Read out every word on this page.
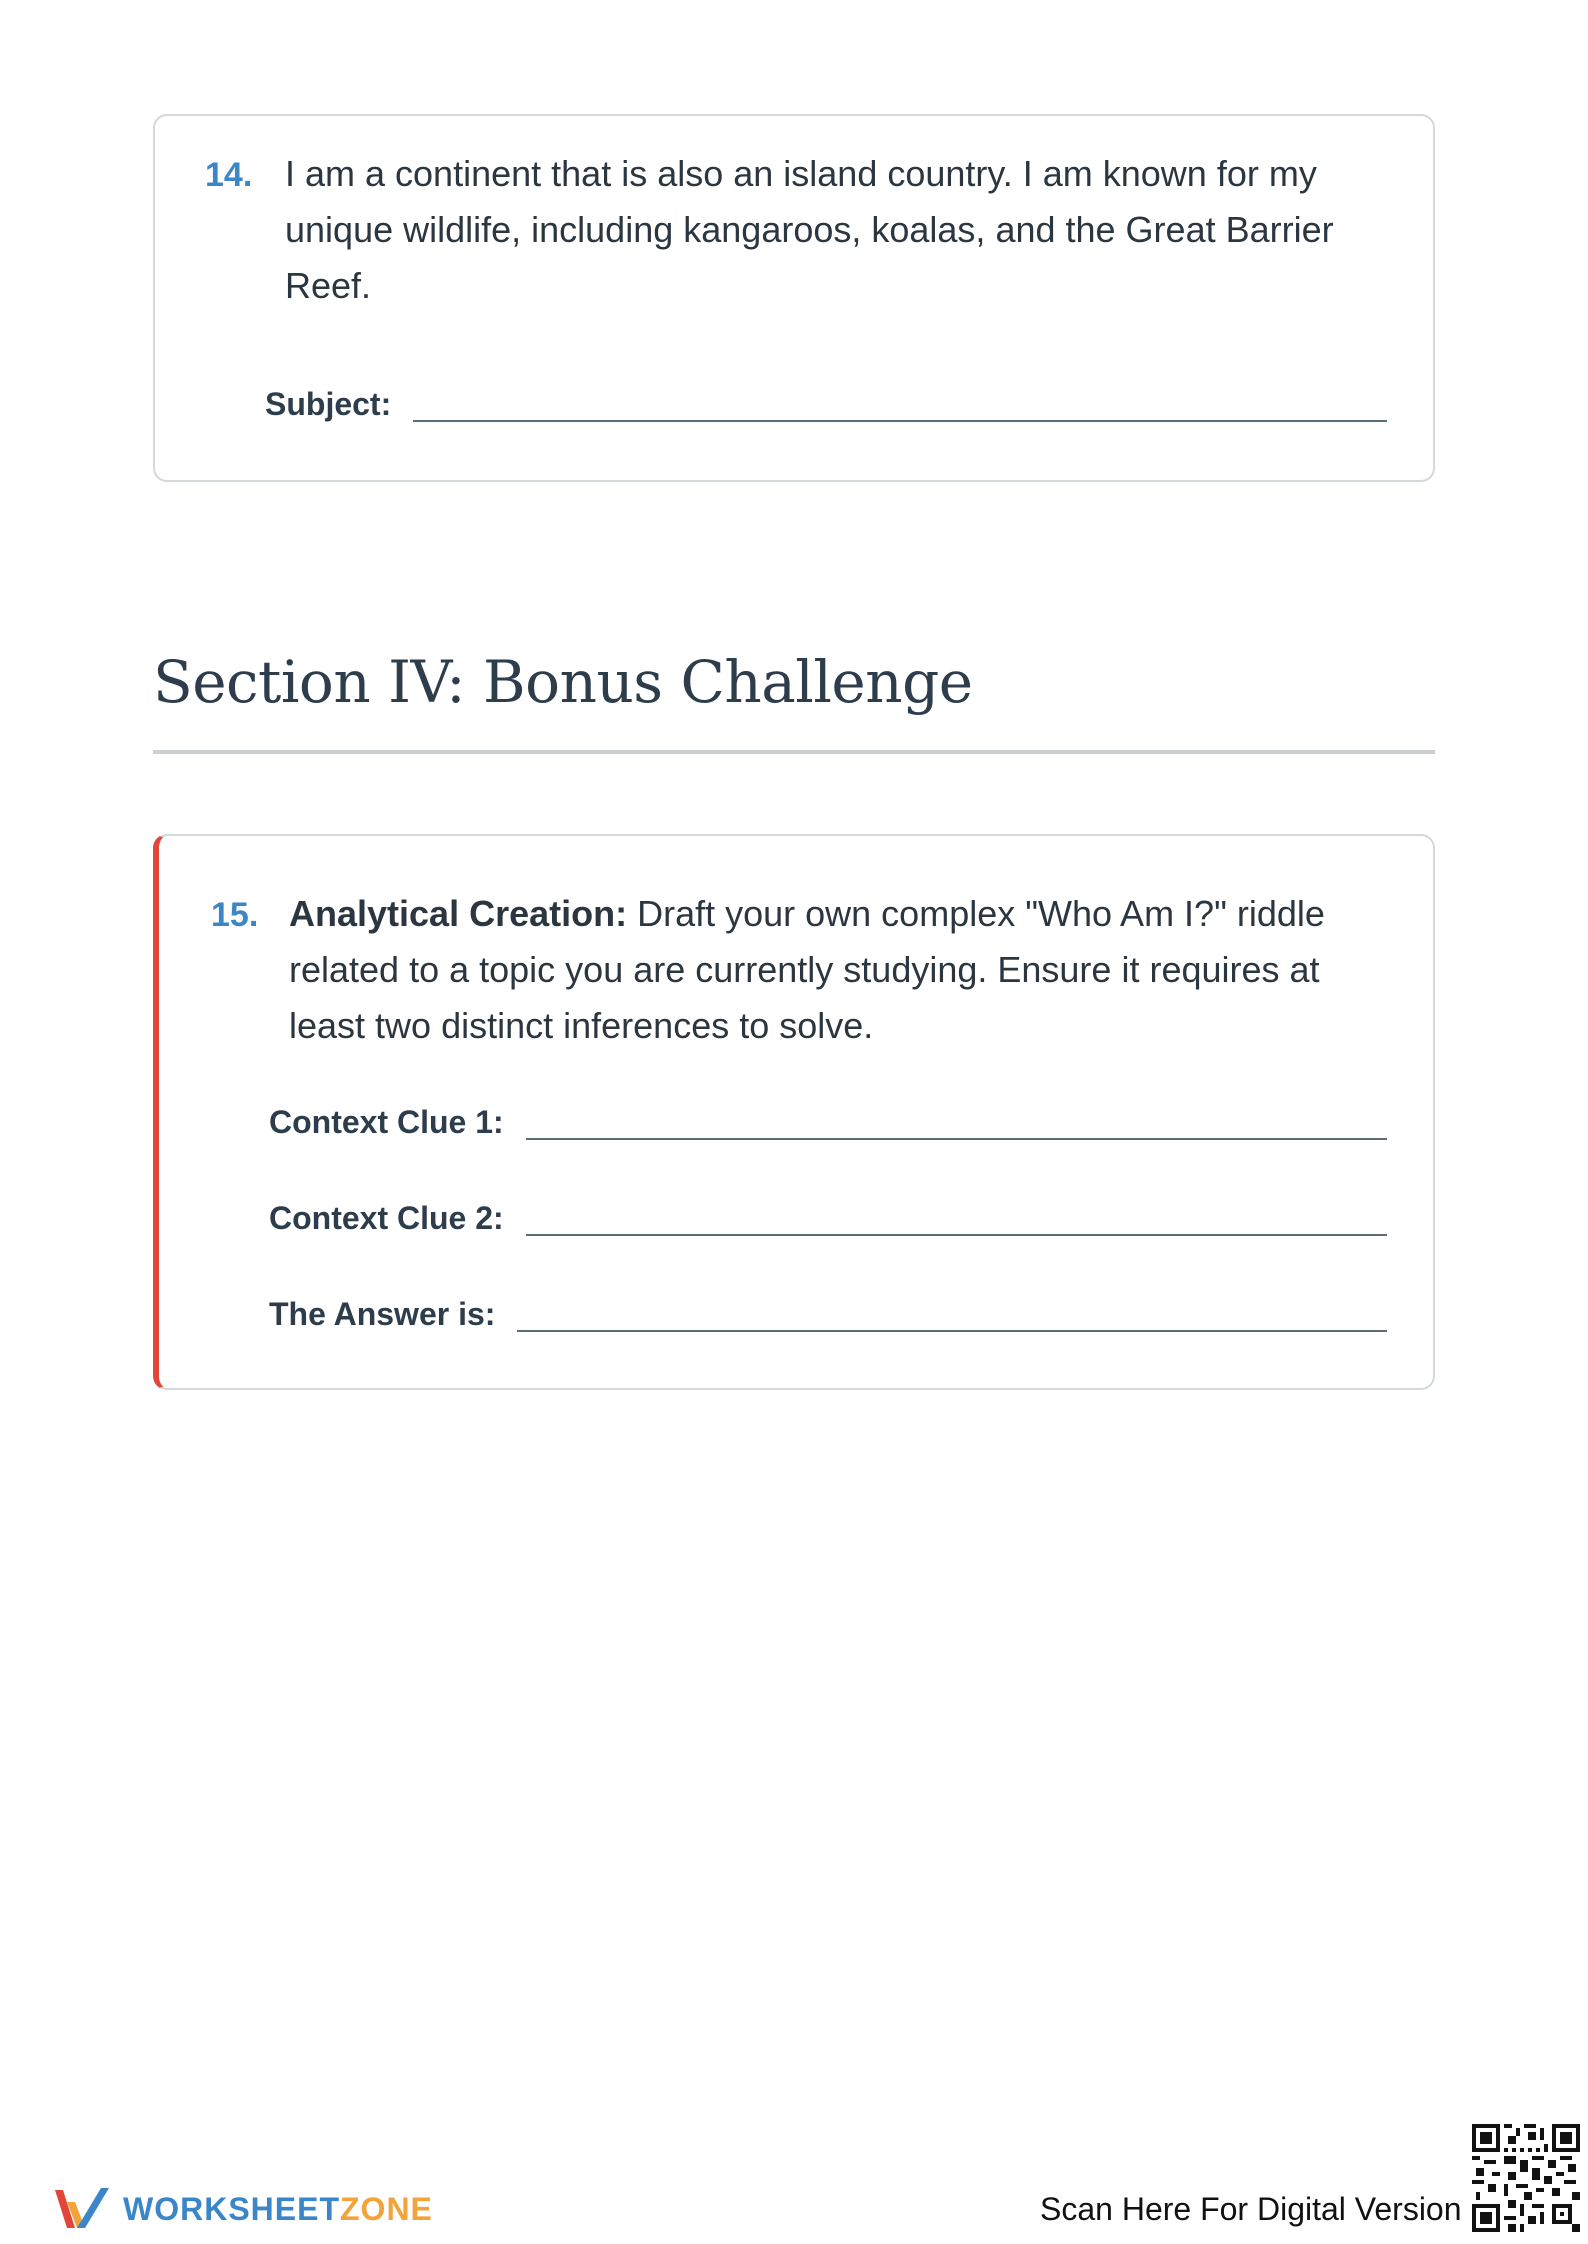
14. I am a continent that is also an island country. I am known for my
unique wildlife, including kangaroos, koalas, and the Great Barrier
Reef.
Subject:
Section IV: Bonus Challenge
15. Analytical Creation: Draft your own complex "Who Am I?" riddle
related to a topic you are currently studying. Ensure it requires at
least two distinct inferences to solve.
Context Clue 1:
Context Clue 2:
The Answer is:
WORKSHEETZONE	Scan Here For Digital Version
